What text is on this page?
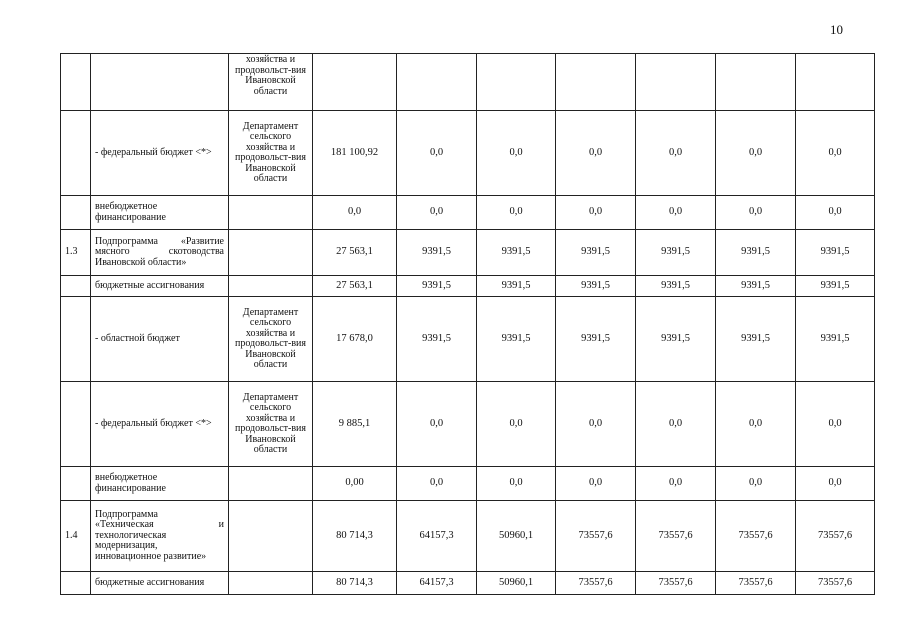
10
		хозяйства и продовольст-вия Ивановской области							
	- федеральный бюджет <*>	Департамент сельского хозяйства и продовольст-вия Ивановской области	181 100,92	0,0	0,0	0,0	0,0	0,0	0,0
	внебюджетное финансирование		0,0	0,0	0,0	0,0	0,0	0,0	0,0
1.3	Подпрограмма «Развитие
мясного скотоводства
Ивановской области»		27 563,1	9391,5	9391,5	9391,5	9391,5	9391,5	9391,5
	бюджетные ассигнования		27 563,1	9391,5	9391,5	9391,5	9391,5	9391,5	9391,5
	- областной бюджет	Департамент сельского хозяйства и продовольст-вия Ивановской области	17 678,0	9391,5	9391,5	9391,5	9391,5	9391,5	9391,5
	- федеральный бюджет <*>	Департамент сельского хозяйства и продовольст-вия Ивановской области	9 885,1	0,0	0,0	0,0	0,0	0,0	0,0
	внебюджетное финансирование		0,00	0,0	0,0	0,0	0,0	0,0	0,0
1.4	Подпрограмма
«Техническая и
технологическая
модернизация,
инновационное развитие»		80 714,3	64157,3	50960,1	73557,6	73557,6	73557,6	73557,6
	бюджетные ассигнования		80 714,3	64157,3	50960,1	73557,6	73557,6	73557,6	73557,6
